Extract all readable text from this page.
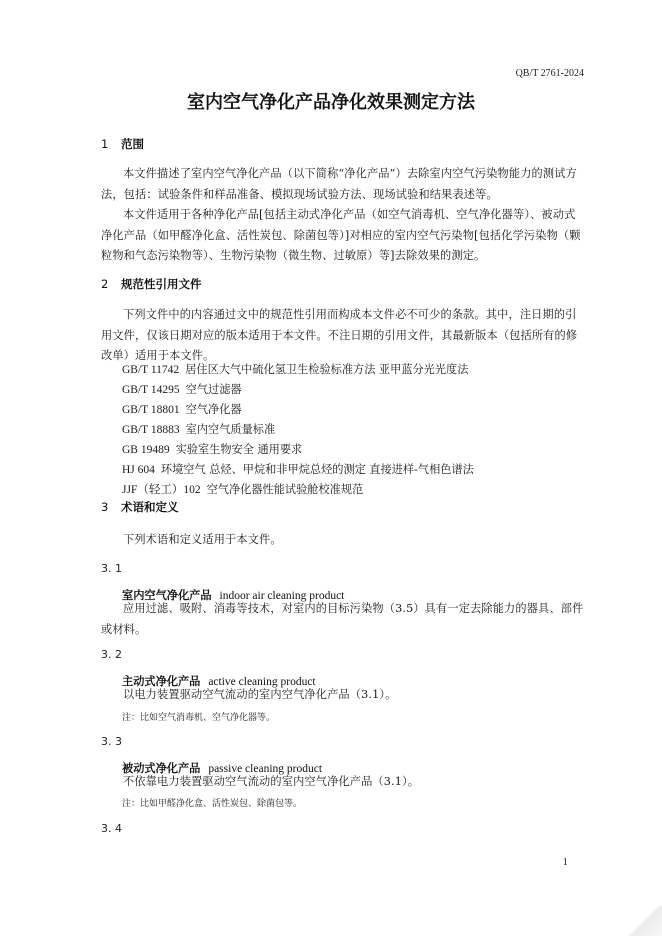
QB/T 2761-2024
室内空气净化产品净化效果测定方法
1 范围
本文件描述了室内空气净化产品（以下简称“净化产品”）去除室内空气污染物能力的测试方法，包括：试验条件和样品准备、模拟现场试验方法、现场试验和结果表述等。
本文件适用于各种净化产品[包括主动式净化产品（如空气消毒机、空气净化器等）、被动式净化产品（如甲醛净化盒、活性炭包、除菌包等）]对相应的室内空气污染物[包括化学污染物（颗粒物和气态污染物等）、生物污染物（微生物、过敏原）等]去除效果的测定。
2 规范性引用文件
下列文件中的内容通过文中的规范性引用而构成本文件必不可少的条款。其中，注日期的引用文件，仅该日期对应的版本适用于本文件。不注日期的引用文件，其最新版本（包括所有的修改单）适用于本文件。
GB/T 11742 居住区大气中硫化氢卫生检验标准方法 亚甲蓝分光光度法
GB/T 14295 空气过滤器
GB/T 18801 空气净化器
GB/T 18883 室内空气质量标准
GB 19489 实验室生物安全 通用要求
HJ 604 环境空气 总烃、甲烷和非甲烷总烃的测定 直接进样-气相色谱法
JJF（轻工）102 空气净化器性能试验舱校准规范
3 术语和定义
下列术语和定义适用于本文件。
3. 1
室内空气净化产品 indoor air cleaning product
应用过滤、吸附、消毒等技术，对室内的目标污染物（3.5）具有一定去除能力的器具、部件或材料。
3. 2
主动式净化产品 active cleaning product
以电力装置驱动空气流动的室内空气净化产品（3.1）。
注：比如空气消毒机、空气净化器等。
3. 3
被动式净化产品 passive cleaning product
不依靠电力装置驱动空气流动的室内空气净化产品（3.1）。
注：比如甲醛净化盒、活性炭包、除菌包等。
3. 4
1
